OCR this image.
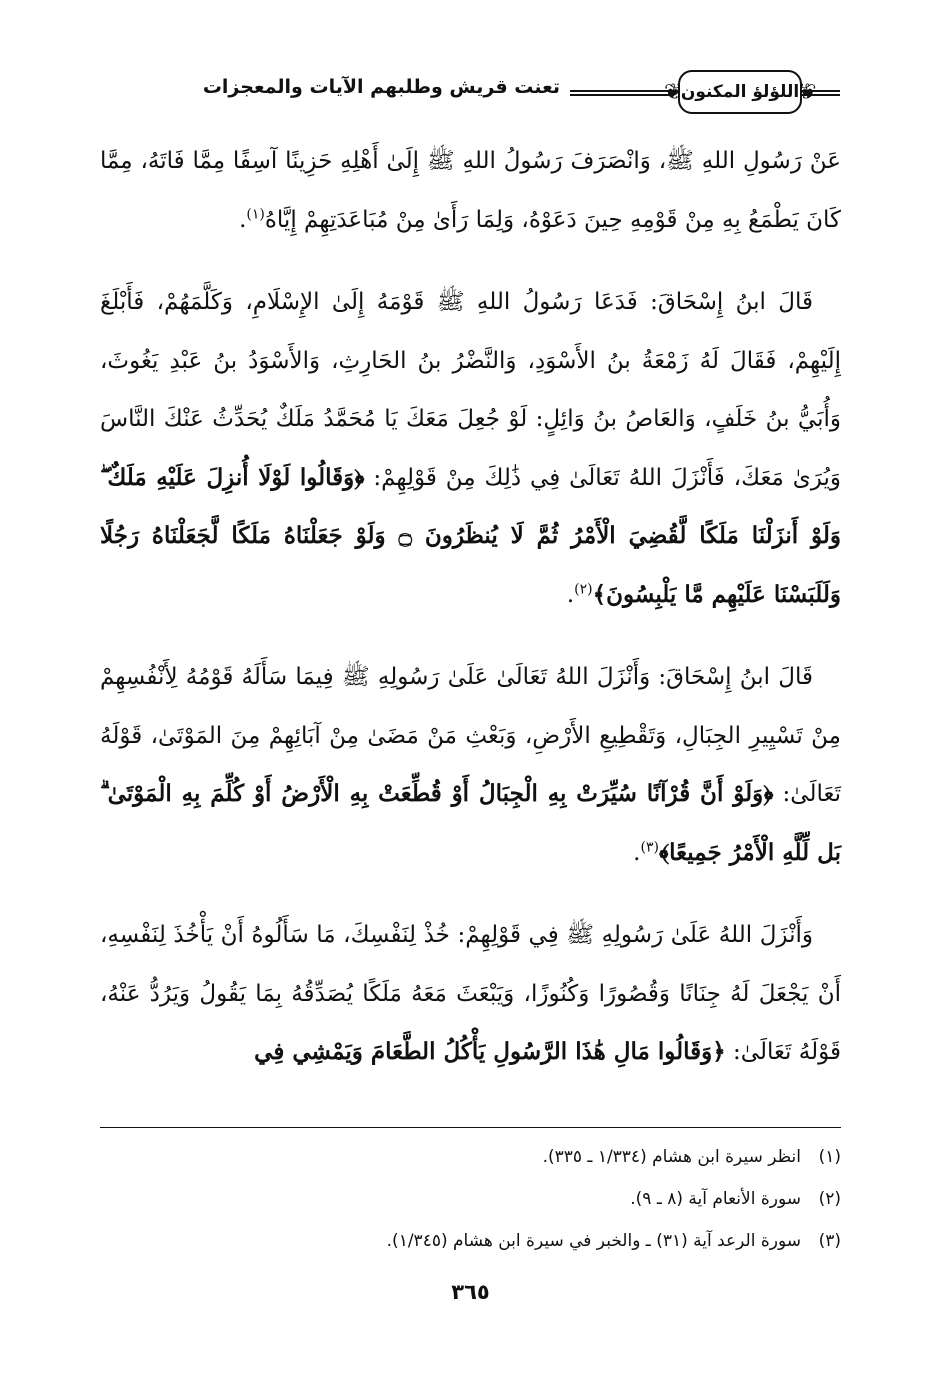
❦ اللؤلؤ المكنون
❦
تعنت قريش وطلبهم الآيات والمعجزات

عَنْ رَسُولِ اللهِ ﷺ، وَانْصَرَفَ رَسُولُ اللهِ ﷺ إِلَىٰ أَهْلِهِ حَزِينًا آسِفًا مِمَّا فَاتَهُ، مِمَّا كَانَ يَطْمَعُ بِهِ مِنْ قَوْمِهِ حِينَ دَعَوْهُ، وَلِمَا رَأَىٰ مِنْ مُبَاعَدَتِهِمْ إِيَّاهُ$^{(١)}$.

قَالَ ابنُ إِسْحَاقَ: فَدَعَا رَسُولُ اللهِ ﷺ قَوْمَهُ إِلَىٰ الإِسْلَامِ، وَكَلَّمَهُمْ، فَأَبْلَغَ إِلَيْهِمْ، فَقَالَ لَهُ زَمْعَةُ بنُ الأَسْوَدِ، وَالنَّضْرُ بنُ الحَارِثِ، وَالأَسْوَدُ بنُ عَبْدِ يَغُوثَ، وَأُبَيُّ بنُ خَلَفٍ، وَالعَاصُ بنُ وَائِلٍ: لَوْ جُعِلَ مَعَكَ يَا مُحَمَّدُ مَلَكٌ يُحَدِّثُ عَنْكَ النَّاسَ وَيُرَىٰ مَعَكَ، فَأَنْزَلَ اللهُ تَعَالَىٰ فِي ذَٰلِكَ مِنْ قَوْلِهِمْ: ﴿وَقَالُوا لَوْلَا أُنزِلَ عَلَيْهِ مَلَكٌ ۖ وَلَوْ أَنزَلْنَا مَلَكًا لَّقُضِيَ الْأَمْرُ ثُمَّ لَا يُنظَرُونَ ۝ وَلَوْ جَعَلْنَاهُ مَلَكًا لَّجَعَلْنَاهُ رَجُلًا وَلَلَبَسْنَا عَلَيْهِم مَّا يَلْبِسُونَ﴾$^{(٢)}$.

قَالَ ابنُ إِسْحَاقَ: وَأَنْزَلَ اللهُ تَعَالَىٰ عَلَىٰ رَسُولِهِ ﷺ فِيمَا سَأَلَهُ قَوْمُهُ لِأَنْفُسِهِمْ مِنْ تَسْيِيرِ الجِبَالِ، وَتَقْطِيعِ الأَرْضِ، وَبَعْثِ مَنْ مَضَىٰ مِنْ آبَائِهِمْ مِنَ المَوْتَىٰ، قَوْلَهُ تَعَالَىٰ: ﴿وَلَوْ أَنَّ قُرْآنًا سُيِّرَتْ بِهِ الْجِبَالُ أَوْ قُطِّعَتْ بِهِ الْأَرْضُ أَوْ كُلِّمَ بِهِ الْمَوْتَىٰ ۗ بَل لِّلَّهِ الْأَمْرُ جَمِيعًا﴾$^{(٣)}$.

وَأَنْزَلَ اللهُ عَلَىٰ رَسُولِهِ ﷺ فِي قَوْلِهِمْ: خُذْ لِنَفْسِكَ، مَا سَأَلُوهُ أَنْ يَأْخُذَ لِنَفْسِهِ، أَنْ يَجْعَلَ لَهُ جِنَانًا وَقُصُورًا وَكُنُوزًا، وَيَبْعَثَ مَعَهُ مَلَكًا يُصَدِّقُهُ بِمَا يَقُولُ وَيَرُدُّ عَنْهُ، قَوْلَهُ تَعَالَىٰ: ﴿وَقَالُوا مَالِ هَٰذَا الرَّسُولِ يَأْكُلُ الطَّعَامَ وَيَمْشِي فِي

(١)انظر سيرة ابن هشام (١/٣٣٤ ـ ٣٣٥).
(٢)سورة الأنعام آية (٨ ـ ٩).
(٣)سورة الرعد آية (٣١) ـ والخبر في سيرة ابن هشام (١/٣٤٥).
٣٦٥
